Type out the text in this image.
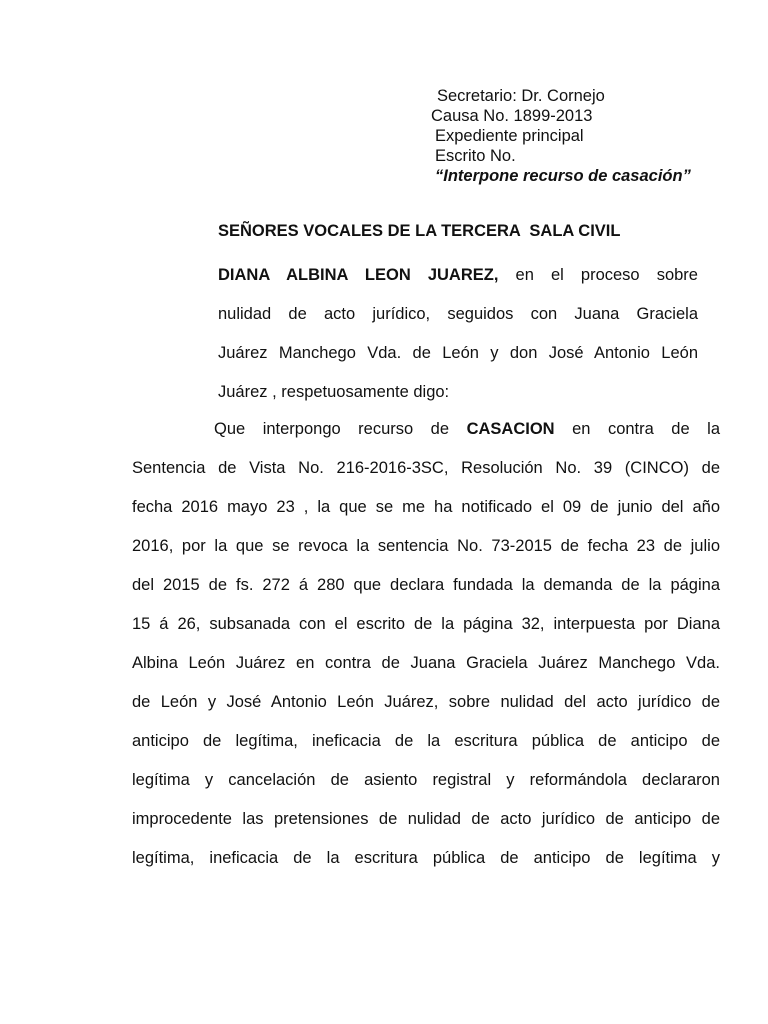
Secretario: Dr. Cornejo
Causa No. 1899-2013
Expediente principal
Escrito No.
“Interpone recurso de casación”
SEÑORES VOCALES DE LA TERCERA  SALA CIVIL
DIANA ALBINA LEON JUAREZ, en el proceso sobre
nulidad de acto jurídico, seguidos con Juana Graciela
Juárez Manchego Vda. de León y don José Antonio León
Juárez , respetuosamente digo:
Que interpongo recurso de CASACION en contra de la
Sentencia de Vista No. 216-2016-3SC, Resolución No. 39 (CINCO) de
fecha 2016 mayo 23 , la que se me ha notificado el 09 de junio del año
2016, por la que se revoca la sentencia No. 73-2015 de fecha 23 de julio
del 2015 de fs. 272 á 280 que declara fundada la demanda de la página
15 á 26, subsanada con el escrito de la página 32, interpuesta por Diana
Albina León Juárez en contra de Juana Graciela Juárez Manchego Vda.
de León y José Antonio León Juárez, sobre nulidad del acto jurídico de
anticipo de legítima, ineficacia de la escritura pública de anticipo de
legítima y cancelación de asiento registral y reformándola declararon
improcedente las pretensiones de nulidad de acto jurídico de anticipo de
legítima, ineficacia de la escritura pública de anticipo de legítima y
